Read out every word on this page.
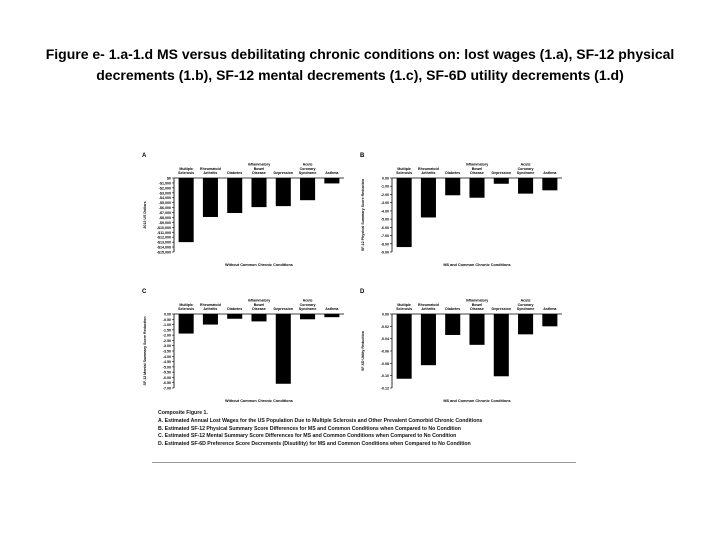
Figure e- 1.a-1.d MS versus debilitating chronic conditions on: lost wages (1.a), SF-12 physical decrements (1.b), SF-12 mental decrements (1.c), SF-6D utility decrements (1.d)
A
$0
-$1,000
-$2,000
-$3,000
-$4,000
-$5,000
-$6,000
-$7,000
-$8,000
-$9,000
-$10,000
-$11,000
-$12,000
-$13,000
-$14,000
-$15,000
2013 US Dollars
Multiple Sclerosis
Rheumatoid Arthritis	Diabetes
Inflammatory Bowel Disease	Depression
Acute Coronary Syndrome Asthma
Without Common Chronic Conditions
B
0.00
-1.00
-2.00
-3.00
-4.00
-5.00
-6.00
-7.00
-8.00
-9.00
SF-12 Physical Summary Score Reduction
Multiple Sclerosis
Rheumatoid Arthritis	Diabetes
Inflammatory Bowel Disease	Depression
Acute Coronary Syndrome Asthma
MS and Common Chronic Conditions
C
0.00
-0.50
-1.00
-1.50
-2.00
-2.50
-3.00
-3.50
-4.00
-4.50
-5.00
-5.50
-6.00
-6.50
-7.00
SF-12 Mental Summary Score Reduction
Multiple Sclerosis
Rheumatoid Arthritis	Diabetes
Inflammatory Bowel Disease	Depression
Acute Coronary Syndrome Asthma
Without Common Chronic Conditions
D
0.00
-0.02
-0.04
-0.06
-0.08
-0.10
-0.12
SF-6D Utility Reduction
Multiple Sclerosis
Rheumatoid Arthritis	Diabetes
Inflammatory Bowel Disease	Depression
Acute Coronary Syndrome Asthma
MS and Common Chronic Conditions
Composite Figure 1.
A. Estimated Annual Lost Wages for the US Population Due to Multiple Sclerosis and Other Prevalent Comorbid Chronic Conditions
B. Estimated SF-12 Physical Summary Score Differences for MS and Common Conditions when Compared to No Condition
C. Estimated SF-12 Mental Summary Score Differences for MS and Common Conditions when Compared to No Condition
D. Estimated SF-6D Preference Score Decrements (Disutility) for MS and Common Conditions when Compared to No Condition
